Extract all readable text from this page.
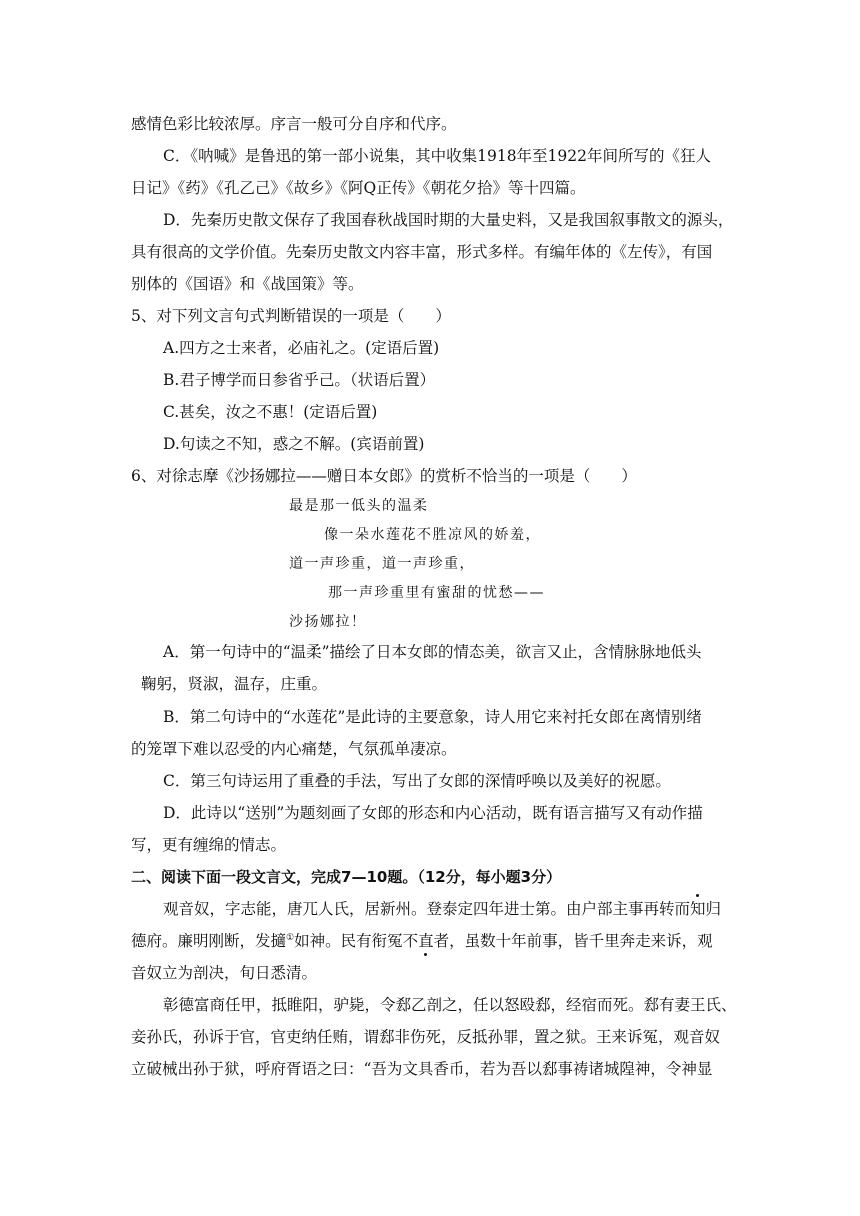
感情色彩比较浓厚。序言一般可分自序和代序。
C．《呐喊》是鲁迅的第一部小说集，其中收集1918年至1922年间所写的《狂人
日记》《药》《孔乙己》《故乡》《阿Q正传》《朝花夕拾》等十四篇。
D．先秦历史散文保存了我国春秋战国时期的大量史料，又是我国叙事散文的源头，
具有很高的文学价值。先秦历史散文内容丰富，形式多样。有编年体的《左传》，有国
别体的《国语》和《战国策》等。
5、对下列文言句式判断错误的一项是（　　）
A.四方之士来者，必庙礼之。(定语后置)
B.君子博学而日参省乎己。（状语后置）
C.甚矣，汝之不惠！(定语后置)
D.句读之不知，惑之不解。(宾语前置)
6、对徐志摩《沙扬娜拉——赠日本女郎》的赏析不恰当的一项是（　　）
最是那一低头的温柔
像一朵水莲花不胜凉风的娇羞，
道一声珍重，道一声珍重，
那一声珍重里有蜜甜的忧愁——
沙扬娜拉！
A．第一句诗中的“温柔”描绘了日本女郎的情态美，欲言又止，含情脉脉地低头
鞠躬，贤淑，温存，庄重。
B．第二句诗中的“水莲花”是此诗的主要意象，诗人用它来衬托女郎在离情别绪
的笼罩下难以忍受的内心痛楚，气氛孤单凄凉。
C．第三句诗运用了重叠的手法，写出了女郎的深情呼唤以及美好的祝愿。
D．此诗以“送别”为题刻画了女郎的形态和内心活动，既有语言描写又有动作描
写，更有缠绵的情志。
二、阅读下面一段文言文，完成7—10题。（12分，每小题3分）
观音奴，字志能，唐兀人氏，居新州。登泰定四年进士第。由户部主事再转而知归
德府。廉明刚断，发擿①如神。民有衔冤不直者，虽数十年前事，皆千里奔走来诉，观
音奴立为剖决，旬日悉清。
彰德富商任甲，抵睢阳，驴毙，令郄乙剖之，任以怒殴郄，经宿而死。郄有妻王氏、
妾孙氏，孙诉于官，官吏纳任贿，谓郄非伤死，反抵孙罪，置之狱。王来诉冤，观音奴
立破械出孙于狱，呼府胥语之曰：“吾为文具香币，若为吾以郄事祷诸城隍神，令神显
